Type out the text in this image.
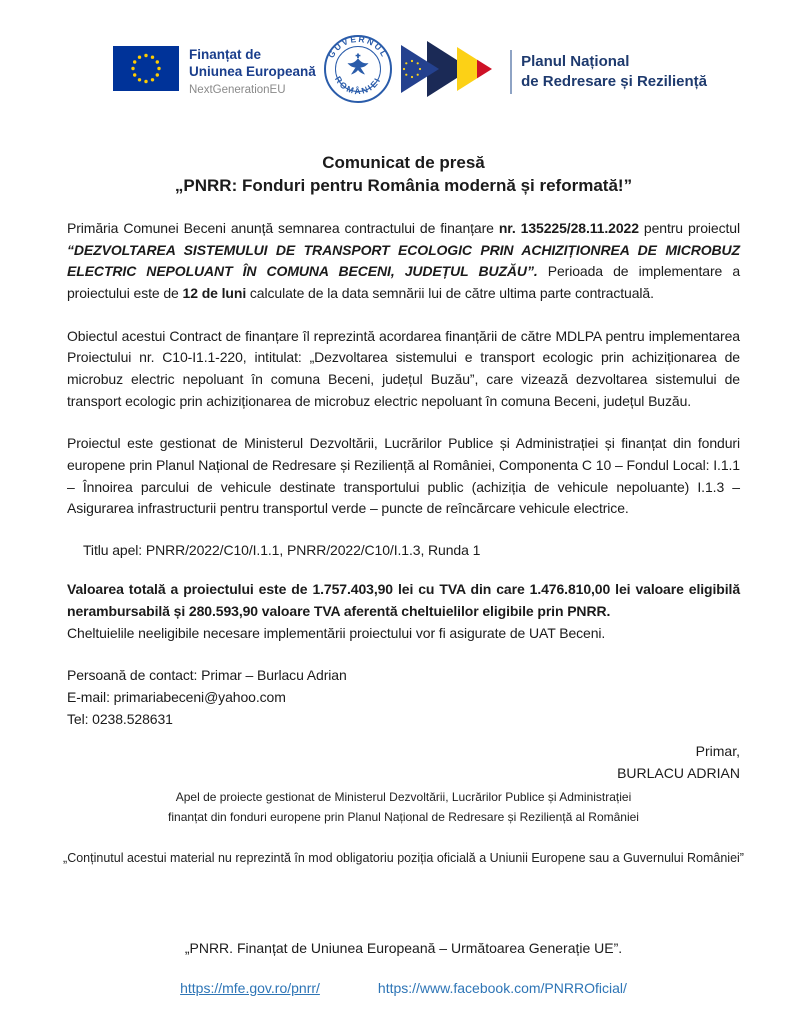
Finanțat de
Uniunea Europeană
NextGenerationEU
GUVERNUL
ROMÂNIEI
Planul Național
de Redresare și Reziliență
Comunicat de presă
„PNRR: Fonduri pentru România modernă și reformată!”

Primăria Comunei Beceni anunță semnarea contractului de finanțare nr. 135225/28.11.2022 pentru proiectul “DEZVOLTAREA SISTEMULUI DE TRANSPORT ECOLOGIC PRIN ACHIZIȚIONREA DE MICROBUZ ELECTRIC NEPOLUANT ÎN COMUNA BECENI, JUDEȚUL BUZĂU”. Perioada de implementare a proiectului este de 12 de luni calculate de la data semnării lui de către ultima parte contractuală.

Obiectul acestui Contract de finanțare îl reprezintă acordarea finanțării de către MDLPA pentru implementarea Proiectului nr. C10-I1.1-220, intitulat: „Dezvoltarea sistemului e transport ecologic prin achiziționarea de microbuz electric nepoluant în comuna Beceni, județul Buzău”, care vizează dezvoltarea sistemului de transport ecologic prin achiziționarea de microbuz electric nepoluant în comuna Beceni, județul Buzău.

Proiectul este gestionat de Ministerul Dezvoltării, Lucrărilor Publice și Administrației și finanțat din fonduri europene prin Planul Național de Redresare și Reziliență al României, Componenta C 10 – Fondul Local: I.1.1 – Înnoirea parcului de vehicule destinate transportului public (achiziția de vehicule nepoluante) I.1.3 – Asigurarea infrastructurii pentru transportul verde – puncte de reîncărcare vehicule electrice.

Titlu apel: PNRR/2022/C10/I.1.1, PNRR/2022/C10/I.1.3, Runda 1

Valoarea totală a proiectului este de 1.757.403,90 lei cu TVA din care 1.476.810,00 lei valoare eligibilă nerambursabilă și 280.593,90 valoare TVA aferentă cheltuielilor eligibile prin PNRR.

Cheltuielile neeligibile necesare implementării proiectului vor fi asigurate de UAT Beceni.

Persoană de contact: Primar – Burlacu Adrian
E-mail: primariabeceni@yahoo.com
Tel: 0238.528631
Primar,
BURLACU ADRIAN
Apel de proiecte gestionat de Ministerul Dezvoltării, Lucrărilor Publice și Administrației
finanțat din fonduri europene prin Planul Național de Redresare și Reziliență al României
„Conținutul acestui material nu reprezintă în mod obligatoriu poziția oficială a Uniunii Europene sau a Guvernului României”
„PNRR. Finanțat de Uniunea Europeană – Următoarea Generație UE”.
https://mfe.gov.ro/pnrr/	https://www.facebook.com/PNRROficial/
